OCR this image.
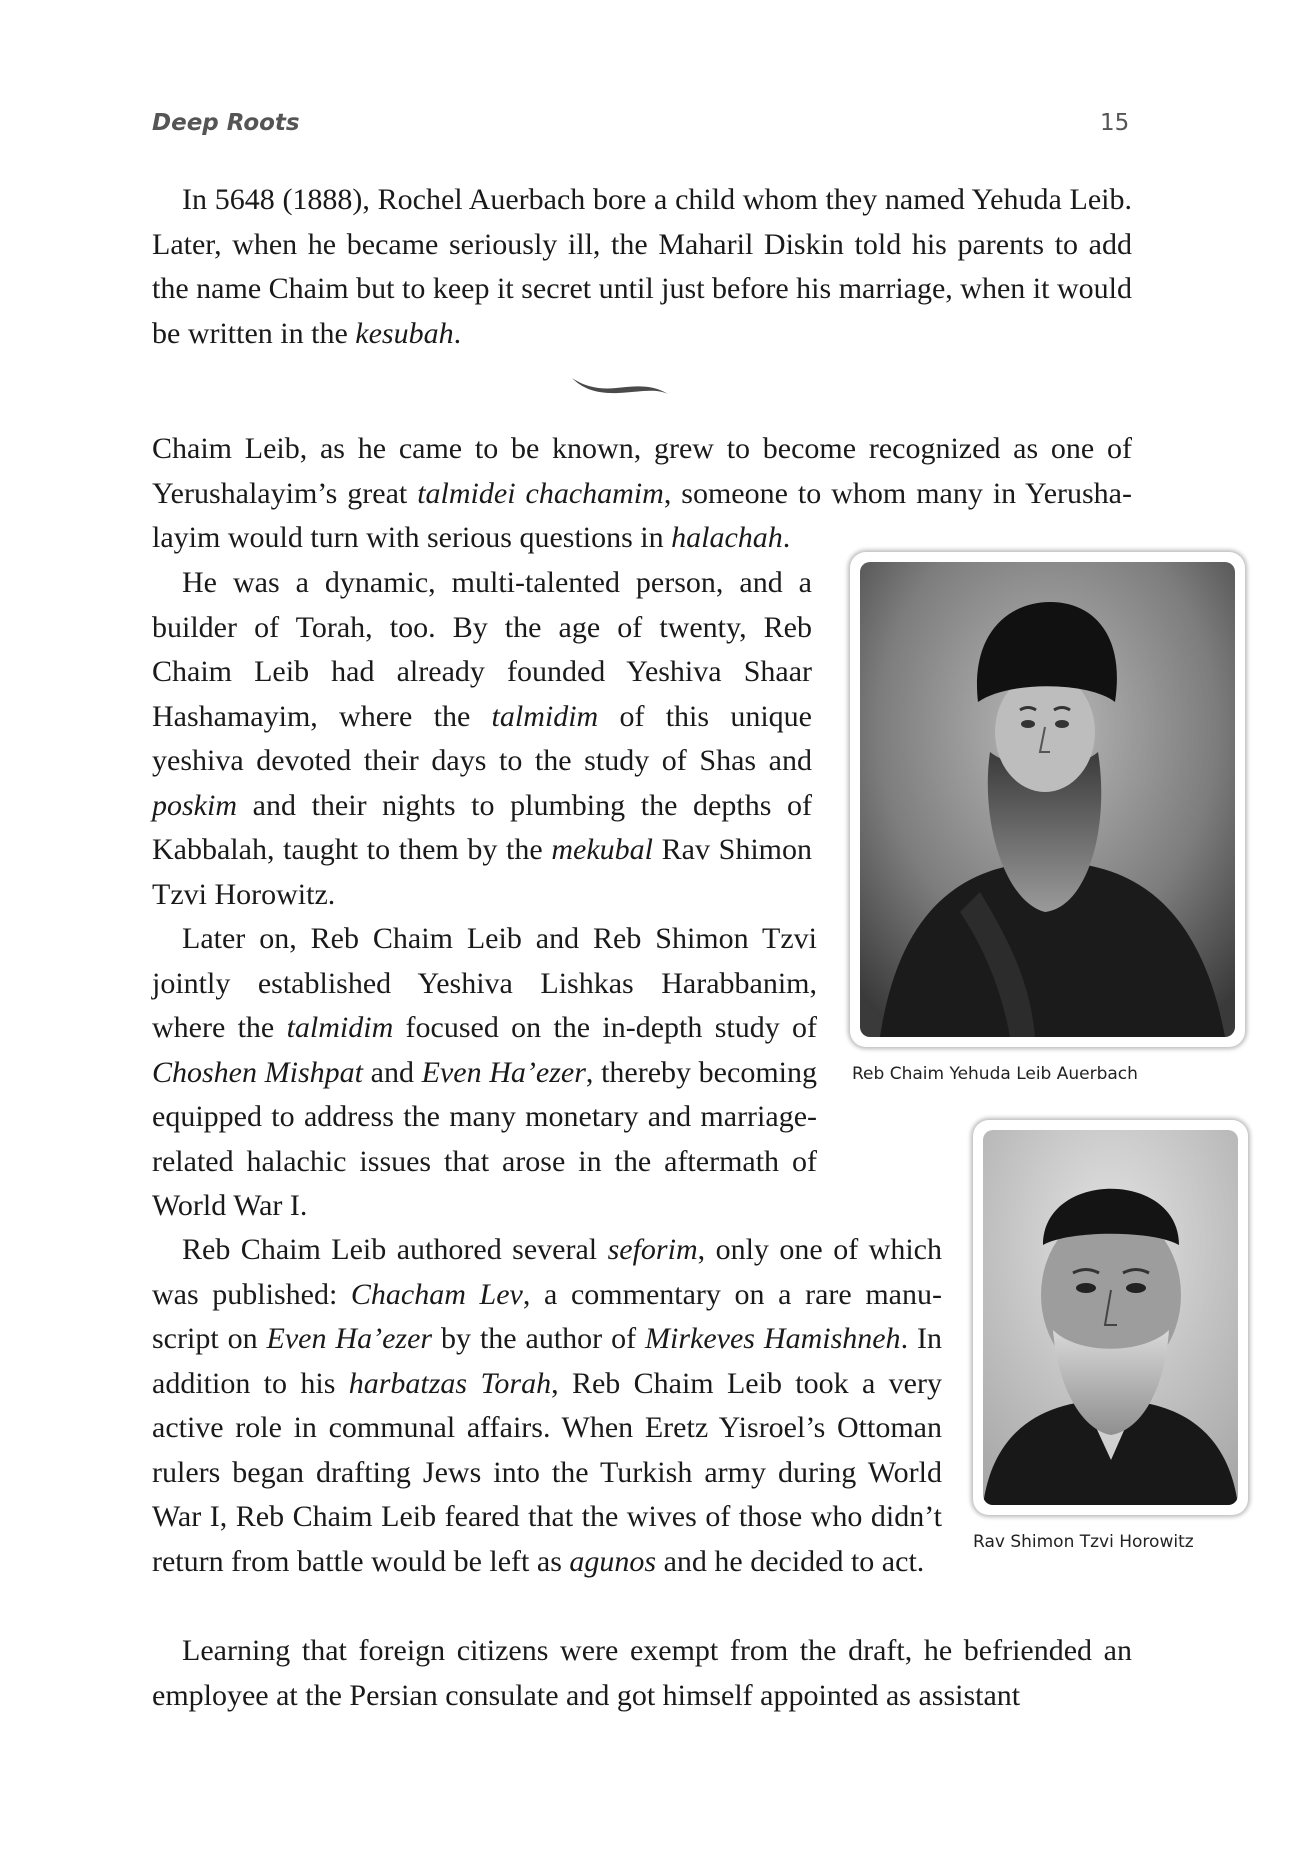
Deep Roots	15

In 5648 (1888), Rochel Auerbach bore a child whom they named Yehuda Leib. Later, when he became seriously ill, the Maharil Diskin told his parents to add the name Chaim but to keep it secret until just before his marriage, when it would be written in the kesubah.

Chaim Leib, as he came to be known, grew to become recognized as one of Yerushalayim’s great talmidei chachamim, someone to whom many in Yerushalayim would turn with serious questions in halachah.

He was a dynamic, multi-talented person, and a builder of Torah, too. By the age of twenty, Reb Chaim Leib had already founded Yeshiva Shaar Hashamayim, where the talmidim of this unique yeshiva devoted their days to the study of Shas and poskim and their nights to plumbing the depths of Kabbalah, taught to them by the mekubal Rav Shimon Tzvi Horowitz.

Later on, Reb Chaim Leib and Reb Shimon Tzvi jointly established Yeshiva Lishkas Harabbanim, where the talmidim focused on the in-depth study of Choshen Mishpat and Even Ha’ezer, thereby becoming equipped to address the many monetary and marriage-related halachic issues that arose in the aftermath of World War I.

Reb Chaim Leib authored several seforim, only one of which was published: Chacham Lev, a commentary on a rare manuscript on Even Ha’ezer by the author of Mirkeves Hamishneh. In addition to his harbatzas Torah, Reb Chaim Leib took a very active role in communal affairs. When Eretz Yisroel’s Ottoman rulers began drafting Jews into the Turkish army during World War I, Reb Chaim Leib feared that the wives of those who didn’t return from battle would be left as agunos and he decided to act.

Learning that foreign citizens were exempt from the draft, he befriended an employee at the Persian consulate and got himself appointed as assistant

Reb Chaim Yehuda Leib Auerbach
Rav Shimon Tzvi Horowitz
